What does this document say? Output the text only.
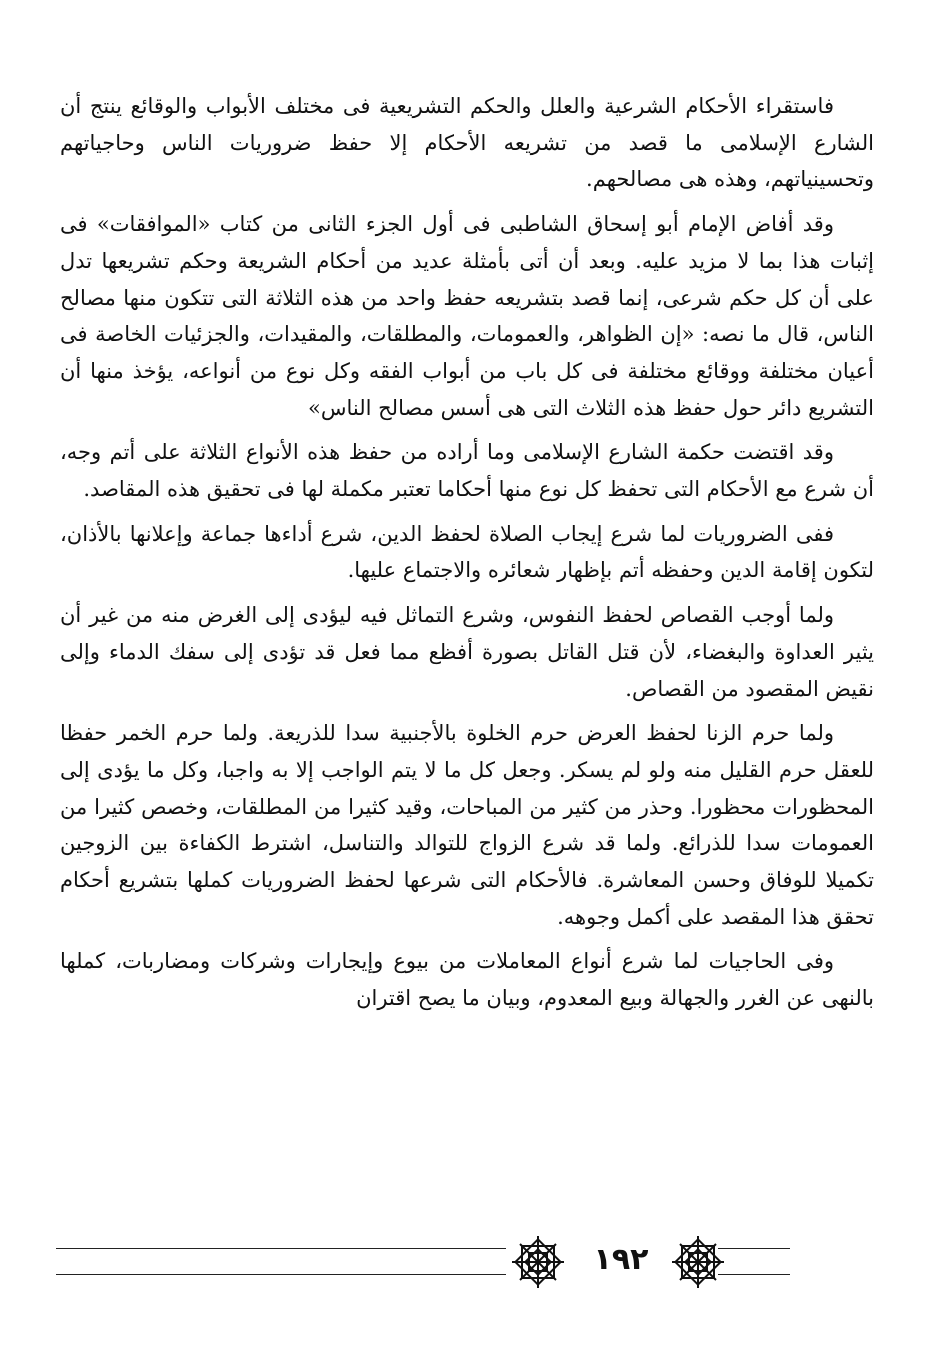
فاستقراء الأحكام الشرعية والعلل والحكم التشريعية فى مختلف الأبواب والوقائع ينتج أن الشارع الإسلامى ما قصد من تشريعه الأحكام إلا حفظ ضروريات الناس وحاجياتهم وتحسينياتهم، وهذه هى مصالحهم.

وقد أفاض الإمام أبو إسحاق الشاطبى فى أول الجزء الثانى من كتاب «الموافقات» فى إثبات هذا بما لا مزيد عليه. وبعد أن أتى بأمثلة عديد من أحكام الشريعة وحكم تشريعها تدل على أن كل حكم شرعى، إنما قصد بتشريعه حفظ واحد من هذه الثلاثة التى تتكون منها مصالح الناس، قال ما نصه: «إن الظواهر، والعمومات، والمطلقات، والمقيدات، والجزئيات الخاصة فى أعيان مختلفة ووقائع مختلفة فى كل باب من أبواب الفقه وكل نوع من أنواعه، يؤخذ منها أن التشريع دائر حول حفظ هذه الثلاث التى هى أسس مصالح الناس»

وقد اقتضت حكمة الشارع الإسلامى وما أراده من حفظ هذه الأنواع الثلاثة على أتم وجه، أن شرع مع الأحكام التى تحفظ كل نوع منها أحكاما تعتبر مكملة لها فى تحقيق هذه المقاصد.

ففى الضروريات لما شرع إيجاب الصلاة لحفظ الدين، شرع أداءها جماعة وإعلانها بالأذان، لتكون إقامة الدين وحفظه أتم بإظهار شعائره والاجتماع عليها.

ولما أوجب القصاص لحفظ النفوس، وشرع التماثل فيه ليؤدى إلى الغرض منه من غير أن يثير العداوة والبغضاء، لأن قتل القاتل بصورة أفظع مما فعل قد تؤدى إلى سفك الدماء وإلى نقيض المقصود من القصاص.

ولما حرم الزنا لحفظ العرض حرم الخلوة بالأجنبية سدا للذريعة. ولما حرم الخمر حفظا للعقل حرم القليل منه ولو لم يسكر. وجعل كل ما لا يتم الواجب إلا به واجبا، وكل ما يؤدى إلى المحظورات محظورا. وحذر من كثير من المباحات، وقيد كثيرا من المطلقات، وخصص كثيرا من العمومات سدا للذرائع. ولما قد شرع الزواج للتوالد والتناسل، اشترط الكفاءة بين الزوجين تكميلا للوفاق وحسن المعاشرة. فالأحكام التى شرعها لحفظ الضروريات كملها بتشريع أحكام تحقق هذا المقصد على أكمل وجوهه.

وفى الحاجيات لما شرع أنواع المعاملات من بيوع وإيجارات وشركات ومضاربات، كملها بالنهى عن الغرر والجهالة وبيع المعدوم، وبيان ما يصح اقتران

١٩٢
